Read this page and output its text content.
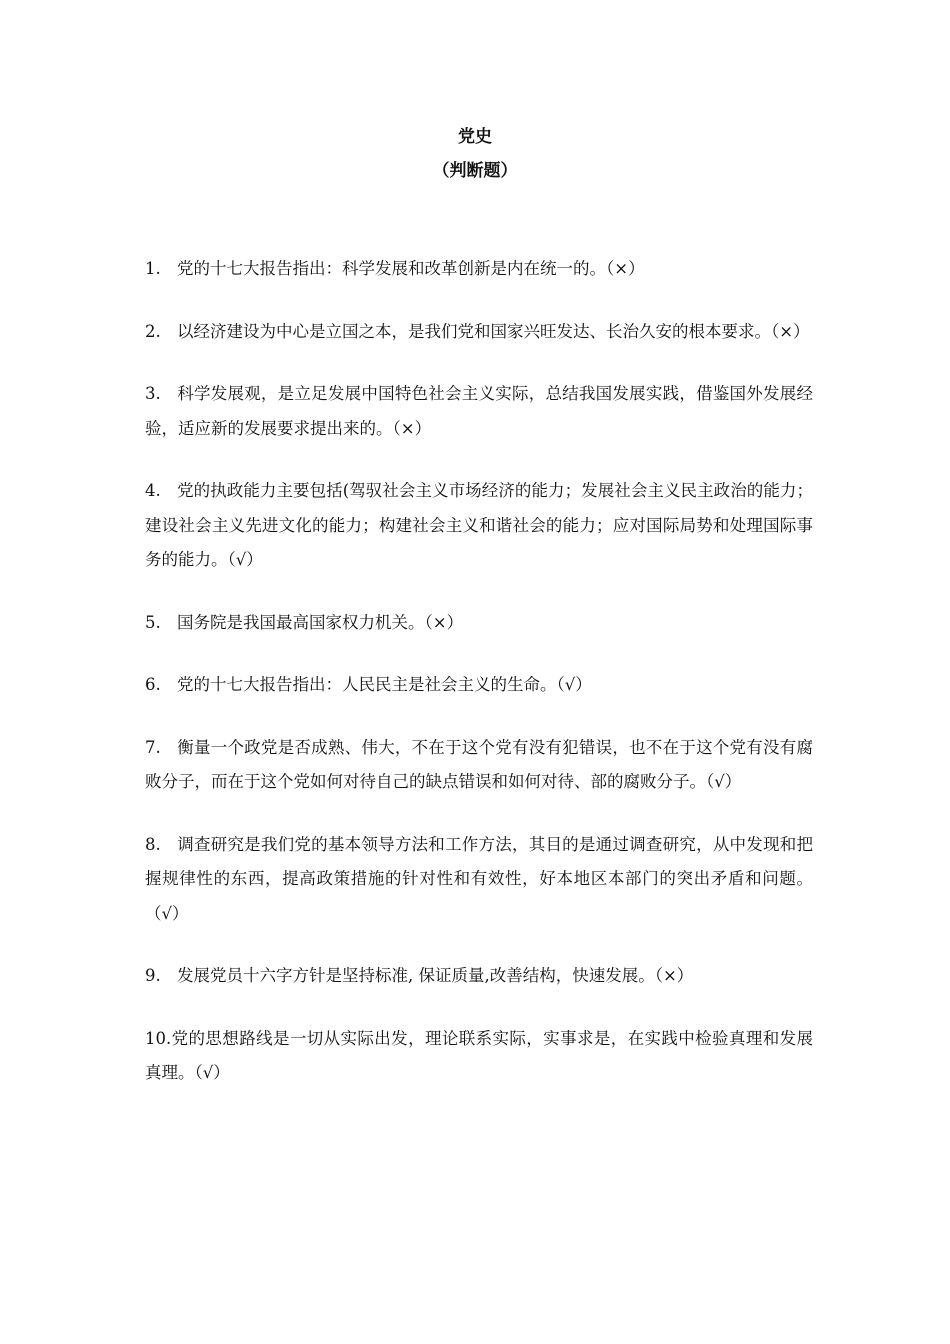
党史
（判断题）
1. 党的十七大报告指出：科学发展和改革创新是内在统一的。（×）
2. 以经济建设为中心是立国之本，是我们党和国家兴旺发达、长治久安的根本要求。（×）
3. 科学发展观，是立足发展中国特色社会主义实际，总结我国发展实践，借鉴国外发展经验，适应新的发展要求提出来的。（×）
4. 党的执政能力主要包括(驾驭社会主义市场经济的能力；发展社会主义民主政治的能力；建设社会主义先进文化的能力；构建社会主义和谐社会的能力；应对国际局势和处理国际事务的能力。（√）
5. 国务院是我国最高国家权力机关。（×）
6. 党的十七大报告指出：人民民主是社会主义的生命。（√）
7. 衡量一个政党是否成熟、伟大，不在于这个党有没有犯错误，也不在于这个党有没有腐败分子，而在于这个党如何对待自己的缺点错误和如何对待、部的腐败分子。（√）
8. 调查研究是我们党的基本领导方法和工作方法，其目的是通过调查研究，从中发现和把握规律性的东西，提高政策措施的针对性和有效性，好本地区本部门的突出矛盾和问题。（√）
9. 发展党员十六字方针是坚持标准, 保证质量,改善结构，快速发展。（×）
10.党的思想路线是一切从实际出发，理论联系实际，实事求是，在实践中检验真理和发展真理。（√）
